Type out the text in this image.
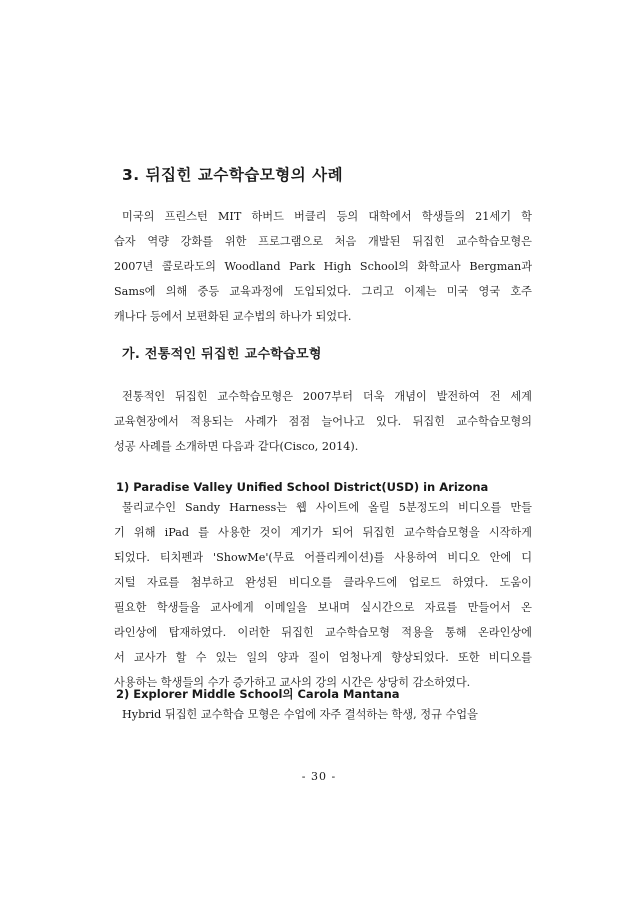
3. 뒤집힌 교수학습모형의 사례
미국의 프린스턴 MIT 하버드 버클리 등의 대학에서 학생들의 21세기 학
습자 역량 강화를 위한 프로그램으로 처음 개발된 뒤집힌 교수학습모형은
2007년 콜로라도의 Woodland Park High School의 화학교사 Bergman과
Sams에 의해 중등 교육과정에 도입되었다. 그리고 이제는 미국 영국 호주
캐나다 등에서 보편화된 교수법의 하나가 되었다.
가. 전통적인 뒤집힌 교수학습모형
전통적인 뒤집힌 교수학습모형은 2007부터 더욱 개념이 발전하여 전 세계
교육현장에서 적용되는 사례가 점점 늘어나고 있다. 뒤집힌 교수학습모형의
성공 사례를 소개하면 다음과 같다(Cisco, 2014).
1) Paradise Valley Unified School District(USD) in Arizona
물리교수인 Sandy Harness는 웹 사이트에 올릴 5분정도의 비디오를 만들
기 위해 iPad 를 사용한 것이 계기가 되어 뒤집힌 교수학습모형을 시작하게
되었다. 티치펜과 'ShowMe'(무료 어플리케이션)를 사용하여 비디오 안에 디
지털 자료를 첨부하고 완성된 비디오를 클라우드에 업로드 하였다. 도움이
필요한 학생들을 교사에게 이메일을 보내며 실시간으로 자료를 만들어서 온
라인상에 탑재하였다. 이러한 뒤집힌 교수학습모형 적용을 통해 온라인상에
서 교사가 할 수 있는 일의 양과 질이 엄청나게 향상되었다. 또한 비디오를
사용하는 학생들의 수가 증가하고 교사의 강의 시간은 상당히 감소하였다.
2) Explorer Middle School의 Carola Mantana
Hybrid 뒤집힌 교수학습 모형은 수업에 자주 결석하는 학생, 정규 수업을
- 30 -
